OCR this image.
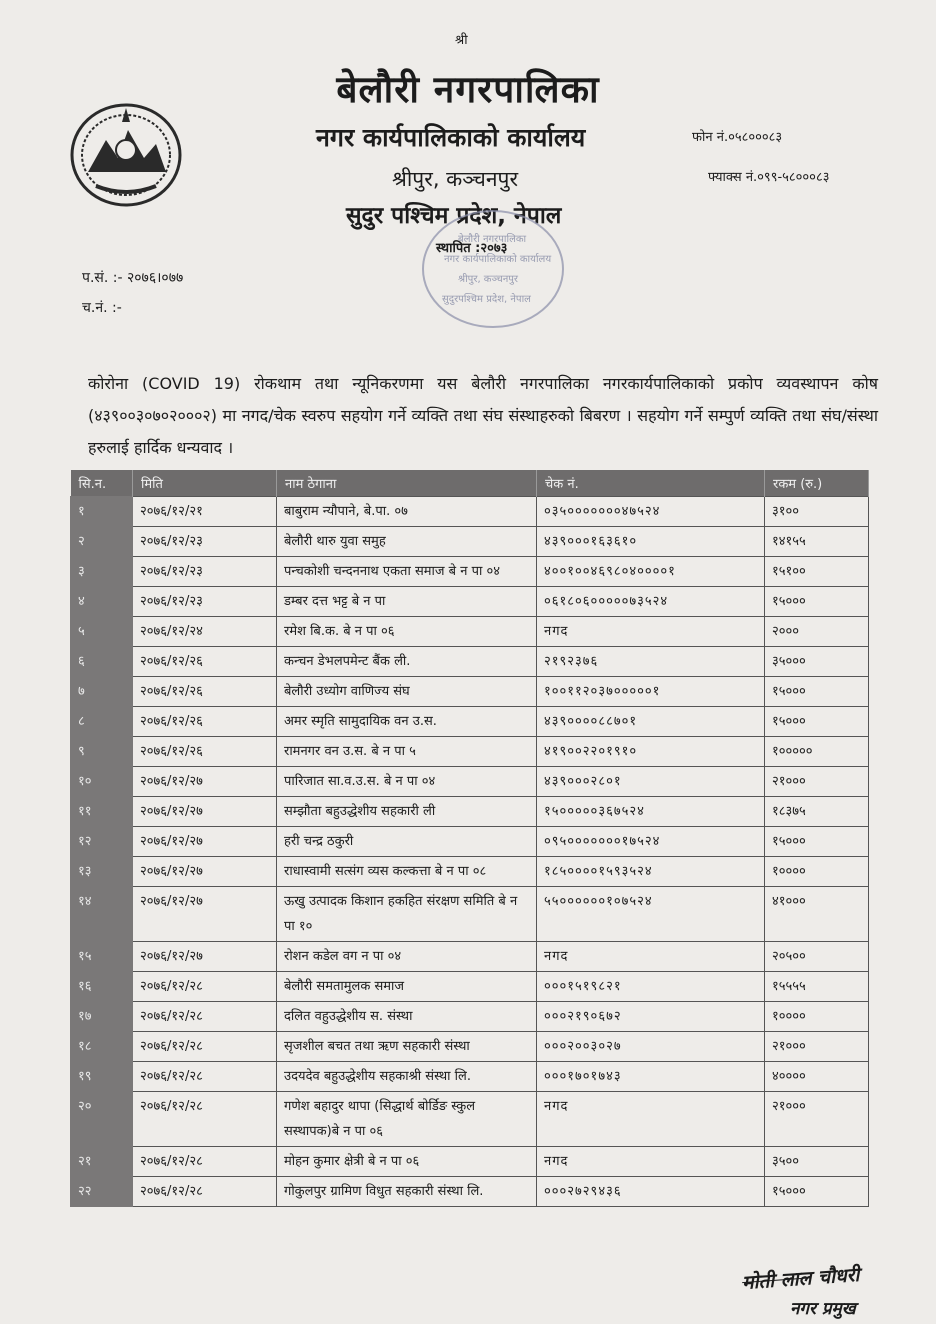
श्री
बेलौरी नगरपालिका
नगर कार्यपालिकाको कार्यालय
श्रीपुर, कञ्चनपुर
सुदुर पश्चिम प्रदेश, नेपाल
स्थापित :२०७३
फोन नं.०५८०००८३
फ्याक्स नं.०९९-५८०००८३
बेलौरी नगरपालिका
नगर कार्यपालिकाको कार्यालय
श्रीपुर, कञ्चनपुर
सुदुरपश्चिम प्रदेश, नेपाल
प.सं. :- २०७६।०७७
च.नं. :-
कोरोना (COVID 19) रोकथाम तथा न्यूनिकरणमा यस बेलौरी नगरपालिका नगरकार्यपालिकाको प्रकोप व्यवस्थापन कोष (४३९००३०७०२०००२) मा नगद/चेक स्वरुप सहयोग गर्ने व्यक्ति तथा संघ संस्थाहरुको बिबरण । सहयोग गर्ने सम्पुर्ण व्यक्ति तथा संघ/संस्था हरुलाई हार्दिक धन्यवाद ।
सि.न.	मिति	नाम ठेगाना	चेक नं.	रकम (रु.)
१	२०७६/१२/२१	बाबुराम न्यौपाने, बे.पा. ०७	०३५०००००००४७५२४	३१००
२	२०७६/१२/२३	बेलौरी थारु युवा समुह	४३९०००१६३६१०	१४१५५
३	२०७६/१२/२३	पन्चकोशी चन्दननाथ एकता समाज बे न पा ०४	४००१००४६९८०४००००१	१५१००
४	२०७६/१२/२३	डम्बर दत्त भट्ट बे न पा	०६१८०६०००००७३५२४	१५०००
५	२०७६/१२/२४	रमेश बि.क. बे न पा ०६	नगद	२०००
६	२०७६/१२/२६	कन्चन डेभलपमेन्ट बैंक ली.	२१९२३७६	३५०००
७	२०७६/१२/२६	बेलौरी उध्योग वाणिज्य संघ	१००११२०३७०००००१	१५०००
८	२०७६/१२/२६	अमर स्मृति सामुदायिक वन उ.स.	४३९००००८८७०१	१५०००
९	२०७६/१२/२६	रामनगर वन उ.स. बे न पा ५	४१९००२२०१९१०	१०००००
१०	२०७६/१२/२७	पारिजात सा.व.उ.स. बे न पा ०४	४३९०००२८०१	२१०००
११	२०७६/१२/२७	सम्झौता बहुउद्धेशीय सहकारी ली	१५०००००३६७५२४	१८३७५
१२	२०७६/१२/२७	हरी चन्द्र ठकुरी	०९५०००००००१७५२४	१५०००
१३	२०७६/१२/२७	राधास्वामी सत्संग व्यस कल्कत्ता बे न पा ०८	१८५००००१५९३५२४	१००००
१४	२०७६/१२/२७	ऊखु उत्पादक किशान हकहित संरक्षण समिति बे न पा १०	५५००००००१०७५२४	४१०००
१५	२०७६/१२/२७	रोशन कडेल वग न पा ०४	नगद	२०५००
१६	२०७६/१२/२८	बेलौरी समतामुलक समाज	०००१५१९८२१	१५५५५
१७	२०७६/१२/२८	दलित वहुउद्धेशीय स. संस्था	०००२१९०६७२	१००००
१८	२०७६/१२/२८	सृजशील बचत तथा ऋण सहकारी संस्था	०००२००३०२७	२१०००
१९	२०७६/१२/२८	उदयदेव बहुउद्धेशीय सहकाश्री संस्था लि.	०००१७०१७४३	४००००
२०	२०७६/१२/२८	गणेश बहादुर थापा (सिद्धार्थ बोर्डिङ स्कुल सस्थापक)बे न पा ०६	नगद	२१०००
२१	२०७६/१२/२८	मोहन कुमार क्षेत्री बे न पा ०६	नगद	३५००
२२	२०७६/१२/२८	गोकुलपुर ग्रामिण विधुत सहकारी संस्था लि.	०००२७२९४३६	१५०००
मोती लाल चौधरी
नगर प्रमुख
